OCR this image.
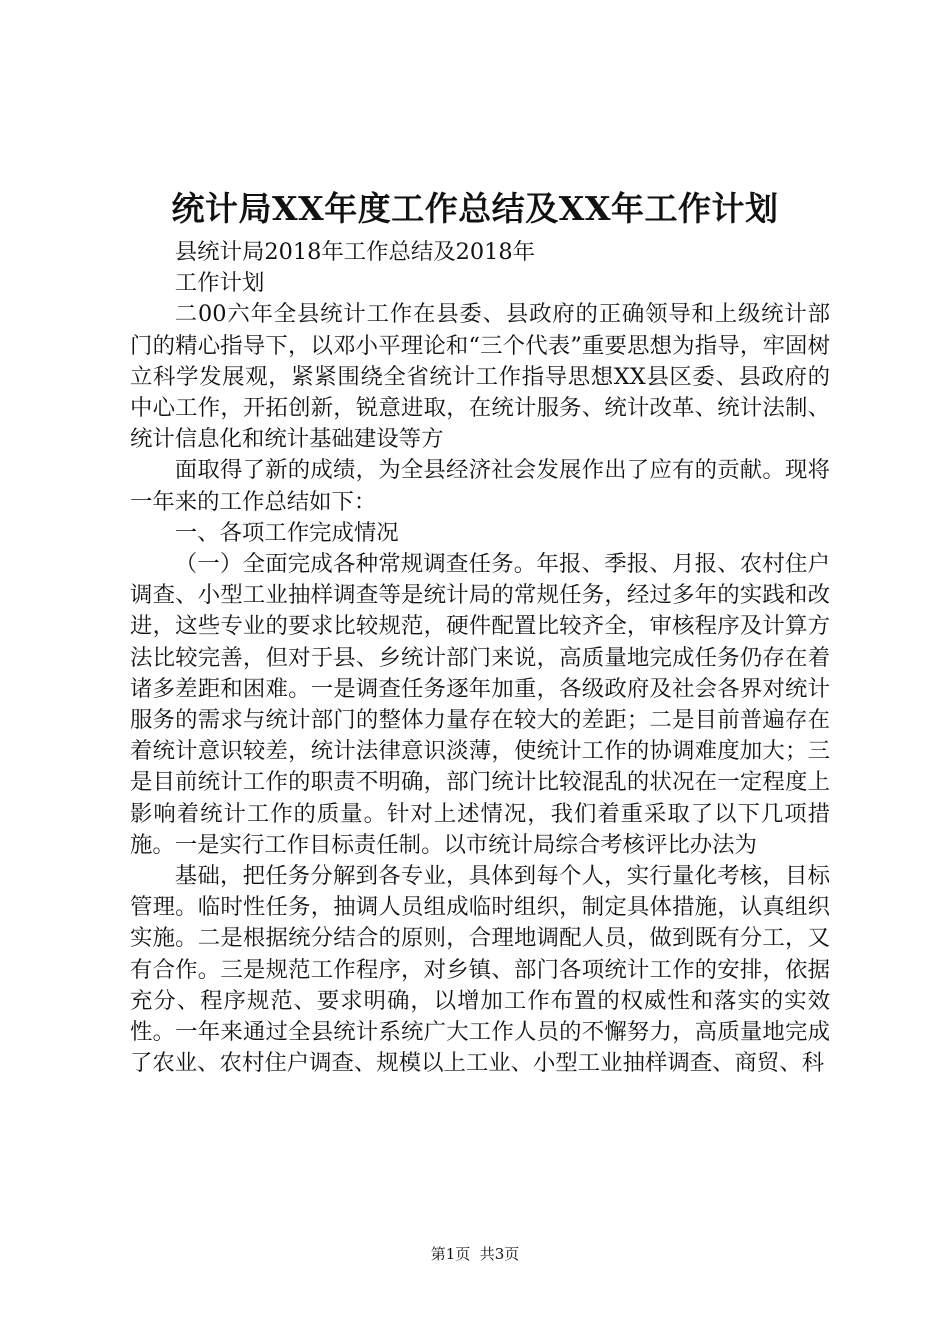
统计局XX年度工作总结及XX年工作计划

县统计局2018年工作总结及2018年

工作计划

二00六年全县统计工作在县委、县政府的正确领导和上级统计部门的精心指导下，以邓小平理论和“三个代表”重要思想为指导，牢固树立科学发展观，紧紧围绕全省统计工作指导思想XX县区委、县政府的中心工作，开拓创新，锐意进取，在统计服务、统计改革、统计法制、统计信息化和统计基础建设等方

面取得了新的成绩，为全县经济社会发展作出了应有的贡献。现将一年来的工作总结如下：

一、各项工作完成情况

（一）全面完成各种常规调查任务。年报、季报、月报、农村住户调查、小型工业抽样调查等是统计局的常规任务，经过多年的实践和改进，这些专业的要求比较规范，硬件配置比较齐全，审核程序及计算方法比较完善，但对于县、乡统计部门来说，高质量地完成任务仍存在着诸多差距和困难。一是调查任务逐年加重，各级政府及社会各界对统计服务的需求与统计部门的整体力量存在较大的差距；二是目前普遍存在着统计意识较差，统计法律意识淡薄，使统计工作的协调难度加大；三是目前统计工作的职责不明确，部门统计比较混乱的状况在一定程度上影响着统计工作的质量。针对上述情况，我们着重采取了以下几项措施。一是实行工作目标责任制。以市统计局综合考核评比办法为

基础，把任务分解到各专业，具体到每个人，实行量化考核，目标管理。临时性任务，抽调人员组成临时组织，制定具体措施，认真组织实施。二是根据统分结合的原则，合理地调配人员，做到既有分工，又有合作。三是规范工作程序，对乡镇、部门各项统计工作的安排，依据充分、程序规范、要求明确，以增加工作布置的权威性和落实的实效性。一年来通过全县统计系统广大工作人员的不懈努力，高质量地完成了农业、农村住户调查、规模以上工业、小型工业抽样调查、商贸、科

第1页  共3页
